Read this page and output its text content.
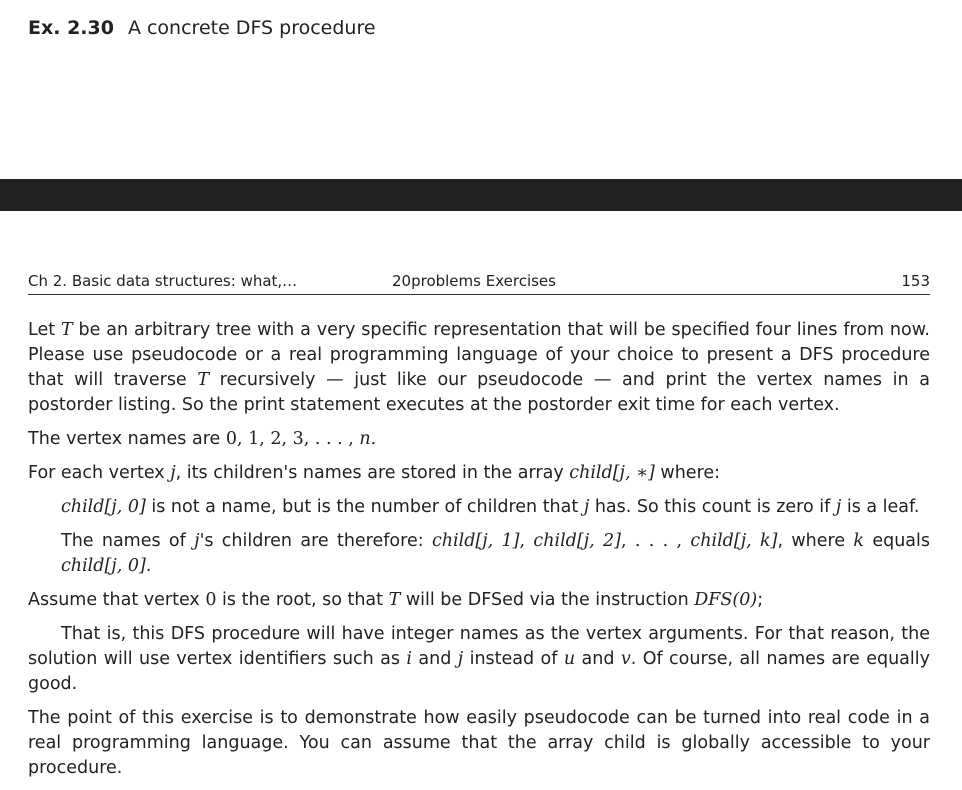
Ex. 2.30 A concrete DFS procedure
Ch 2. Basic data structures: what,…	20problems Exercises	153

Let T be an arbitrary tree with a very specific representation that will be specified four lines from now. Please use pseudocode or a real programming language of your choice to present a DFS procedure that will traverse T recursively — just like our pseudocode — and print the vertex names in a postorder listing. So the print statement executes at the postorder exit time for each vertex.

The vertex names are 0, 1, 2, 3, . . . , n.

For each vertex j, its children's names are stored in the array child[j, ∗] where:

child[j, 0] is not a name, but is the number of children that j has. So this count is zero if j is a leaf.

The names of j's children are therefore: child[j, 1], child[j, 2], . . . , child[j, k], where k equals child[j, 0].

Assume that vertex 0 is the root, so that T will be DFSed via the instruction DFS(0);

That is, this DFS procedure will have integer names as the vertex arguments. For that reason, the solution will use vertex identifiers such as i and j instead of u and v. Of course, all names are equally good.

The point of this exercise is to demonstrate how easily pseudocode can be turned into real code in a real programming language. You can assume that the array child is globally accessible to your procedure.
